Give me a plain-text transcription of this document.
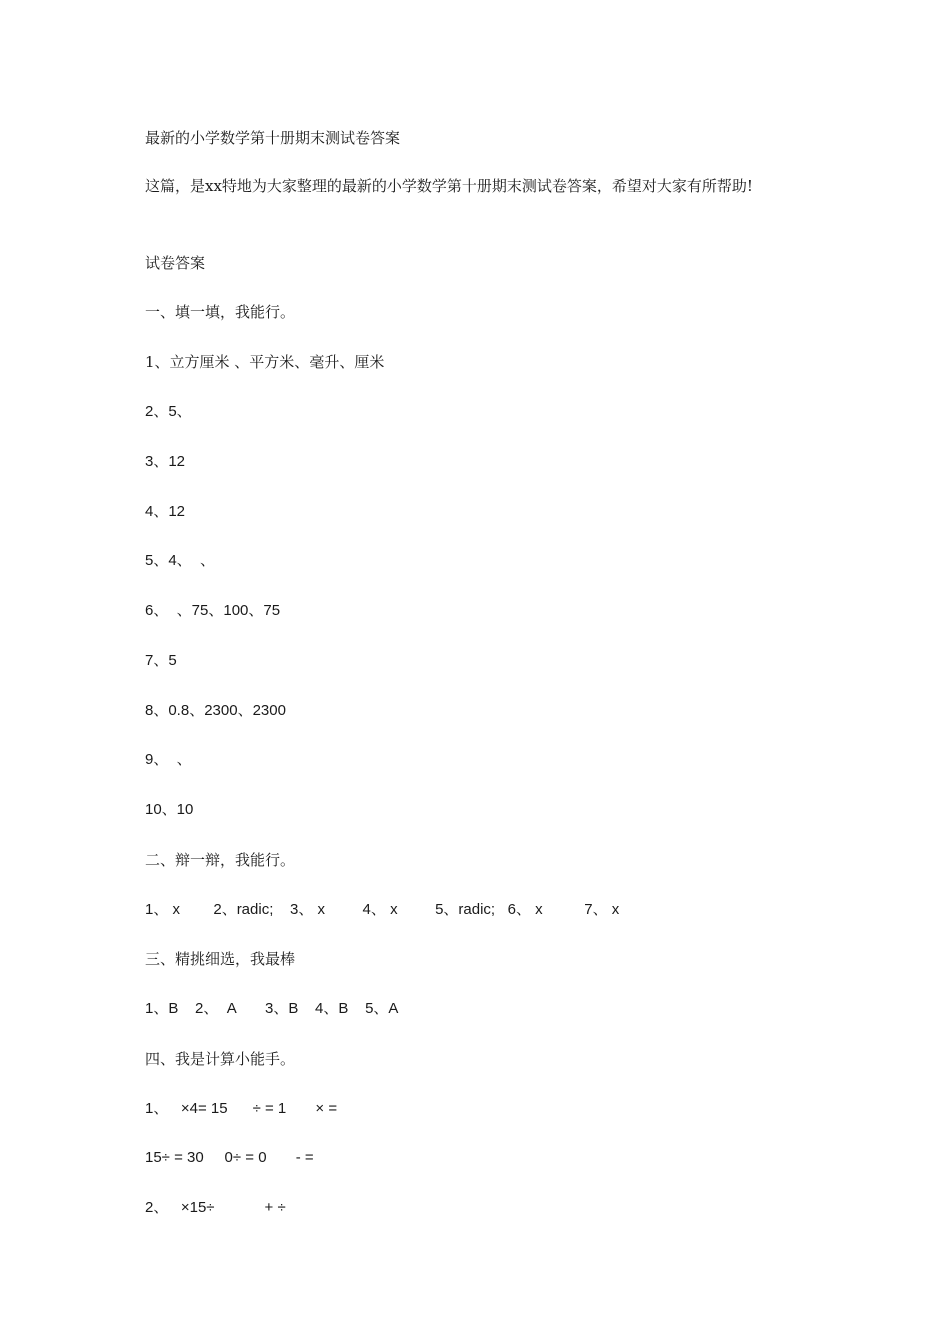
最新的小学数学第十册期末测试卷答案
这篇，是xx特地为大家整理的最新的小学数学第十册期末测试卷答案，希望对大家有所帮助!
试卷答案
一、填一填，我能行。
1、立方厘米 、平方米、毫升、厘米
2、5、
3、12
4、12
5、4、  、
6、  、75、100、75
7、5
8、0.8、2300、2300
9、  、
10、10
二、辩一辩，我能行。
1、 x        2、radic;    3、 x         4、 x         5、radic;   6、 x          7、 x
三、精挑细选，我最棒
1、B    2、  A       3、B    4、B    5、A
四、我是计算小能手。
1、   ×4= 15      ÷ = 1       × =
15÷ = 30     0÷ = 0       - =
2、   ×15÷            + ÷
